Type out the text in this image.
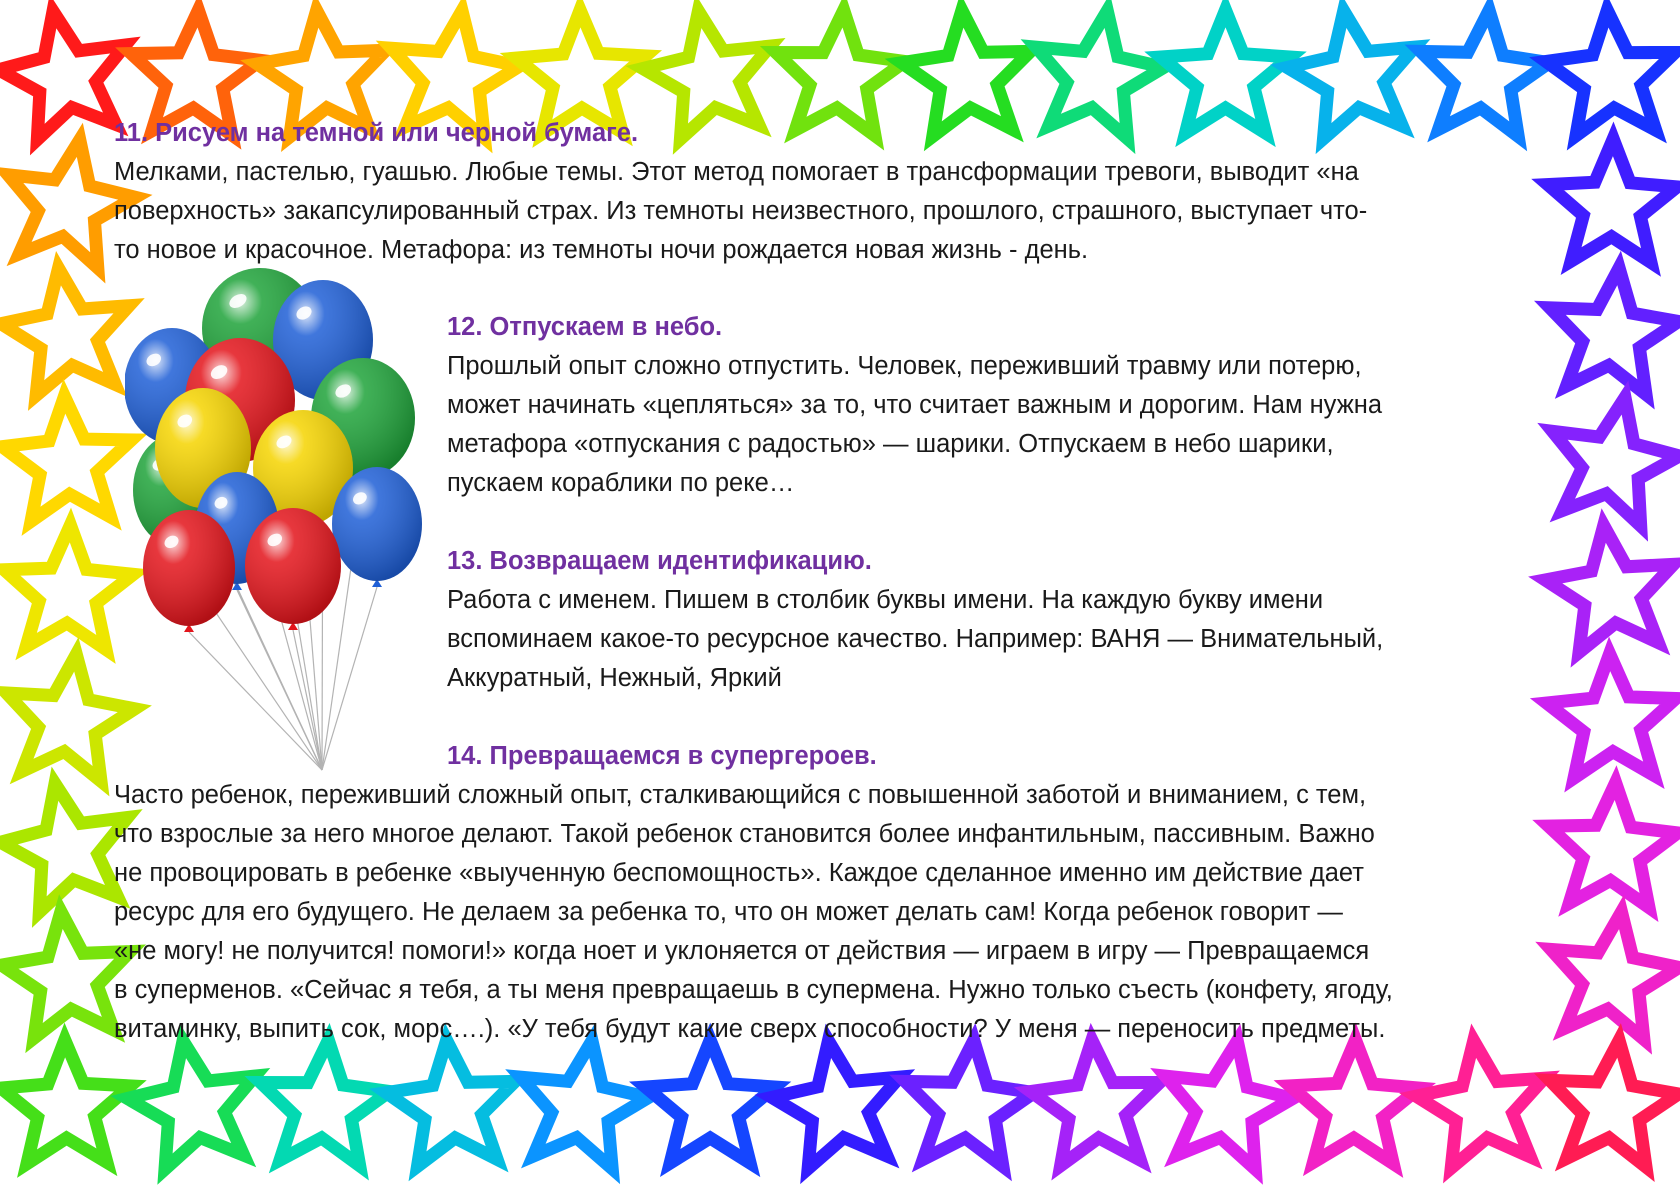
11. Рисуем на темной или черной бумаге.
Мелками, пастелью, гуашью. Любые темы. Этот метод помогает в трансформации тревоги, выводит «на
поверхность» закапсулированный страх. Из темноты неизвестного, прошлого, страшного, выступает что-
то новое и красочное. Метафора: из темноты ночи рождается новая жизнь - день.
12. Отпускаем в небо.
Прошлый опыт сложно отпустить. Человек, переживший травму или потерю,
может начинать «цепляться» за то, что считает важным и дорогим. Нам нужна
метафора «отпускания с радостью» — шарики. Отпускаем в небо шарики,
пускаем кораблики по реке…
13. Возвращаем идентификацию.
Работа с именем. Пишем в столбик буквы имени. На каждую букву имени
вспоминаем какое-то ресурсное качество. Например: ВАНЯ — Внимательный,
Аккуратный, Нежный, Яркий
14. Превращаемся в супергероев.
Часто ребенок, переживший сложный опыт, сталкивающийся с повышенной заботой и вниманием, с тем,
что взрослые за него многое делают. Такой ребенок становится более инфантильным, пассивным. Важно
не провоцировать в ребенке «выученную беспомощность». Каждое сделанное именно им действие дает
ресурс для его будущего. Не делаем за ребенка то, что он может делать сам! Когда ребенок говорит —
«не могу! не получится! помоги!» когда ноет и уклоняется от действия — играем в игру — Превращаемся
в суперменов. «Сейчас я тебя, а ты меня превращаешь в супермена. Нужно только съесть (конфету, ягоду,
витаминку, выпить сок, морс….). «У тебя будут какие сверх способности? У меня — переносить предметы.
